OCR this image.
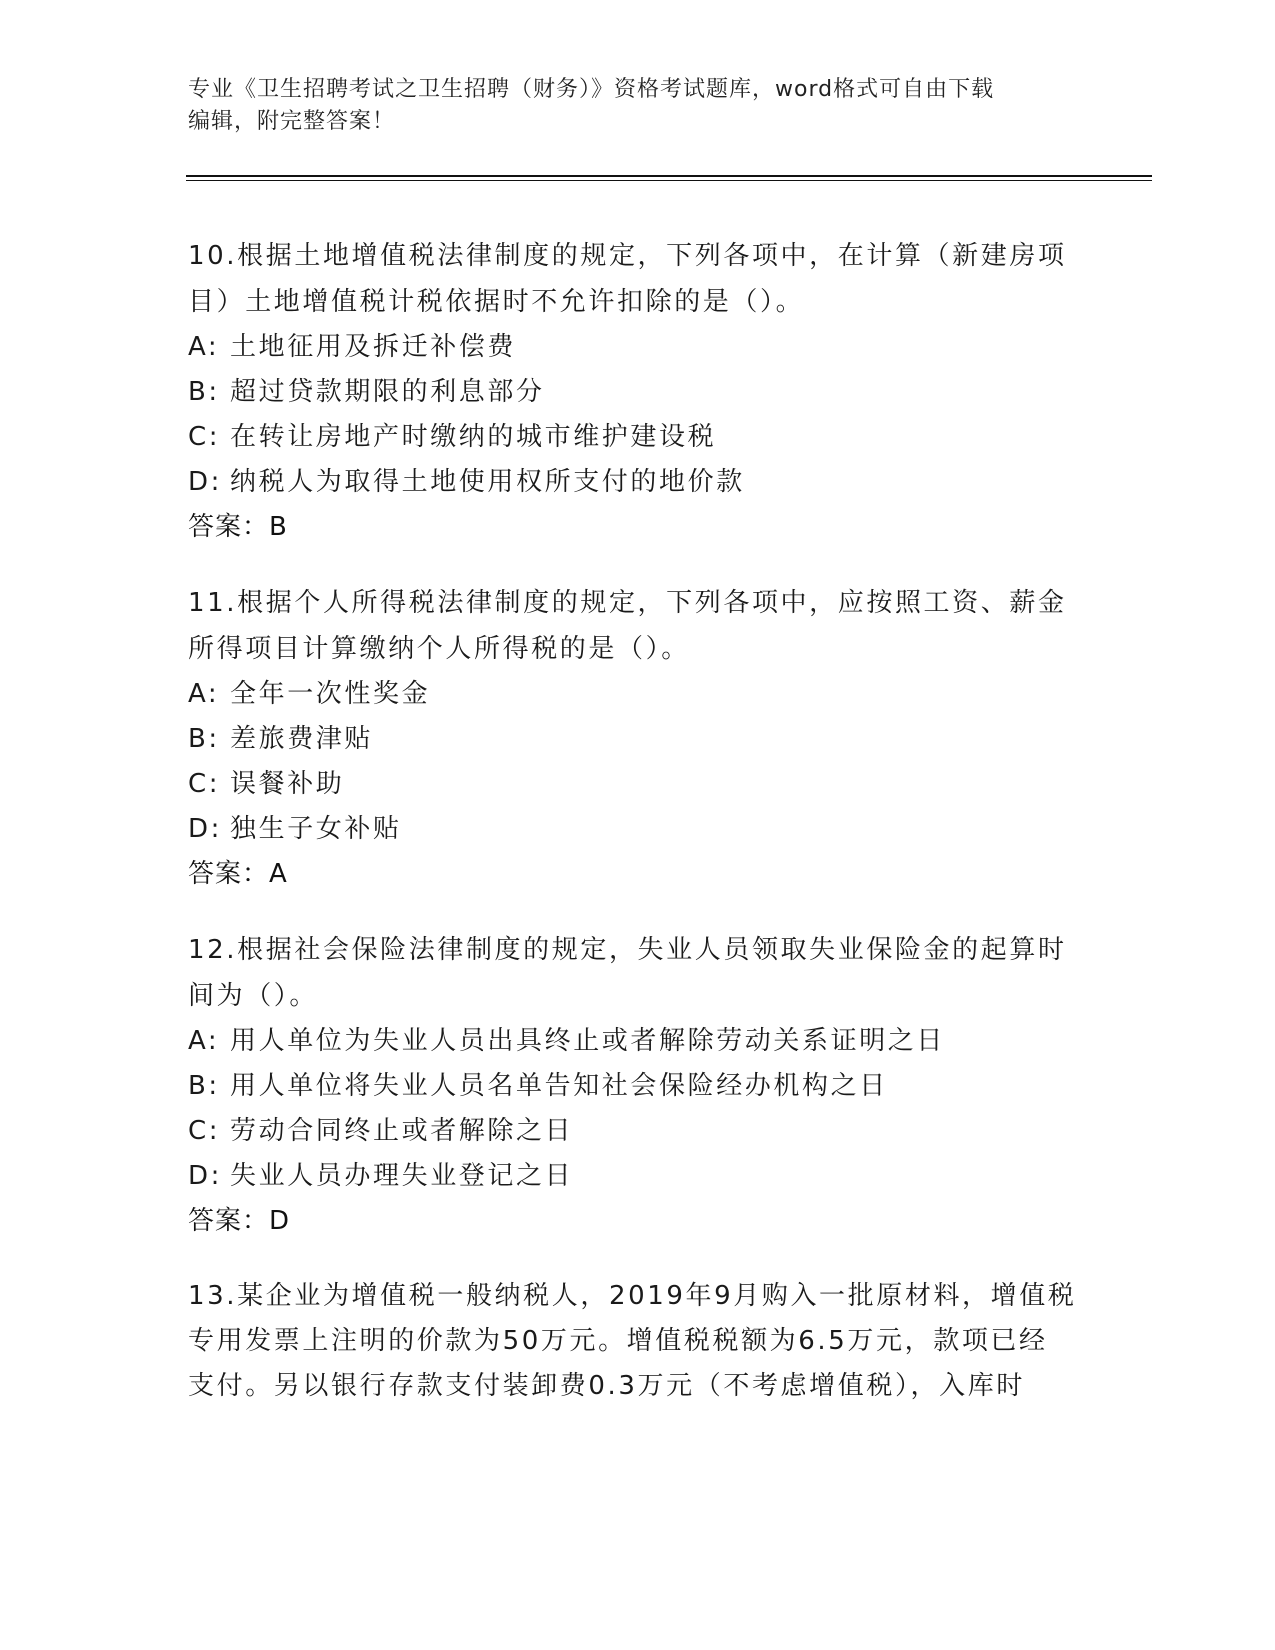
专业《卫生招聘考试之卫生招聘（财务）》资格考试题库，word格式可自由下载
编辑，附完整答案！
10.根据土地增值税法律制度的规定，下列各项中，在计算（新建房项
目）土地增值税计税依据时不允许扣除的是（）。
A: 土地征用及拆迁补偿费
B: 超过贷款期限的利息部分
C: 在转让房地产时缴纳的城市维护建设税
D: 纳税人为取得土地使用权所支付的地价款
答案：B
11.根据个人所得税法律制度的规定，下列各项中，应按照工资、薪金
所得项目计算缴纳个人所得税的是（）。
A: 全年一次性奖金
B: 差旅费津贴
C: 误餐补助
D: 独生子女补贴
答案：A
12.根据社会保险法律制度的规定，失业人员领取失业保险金的起算时
间为（）。
A: 用人单位为失业人员出具终止或者解除劳动关系证明之日
B: 用人单位将失业人员名单告知社会保险经办机构之日
C: 劳动合同终止或者解除之日
D: 失业人员办理失业登记之日
答案：D
13.某企业为增值税一般纳税人，2019年9月购入一批原材料，增值税
专用发票上注明的价款为50万元。增值税税额为6.5万元，款项已经
支付。另以银行存款支付装卸费0.3万元（不考虑增值税），入库时
